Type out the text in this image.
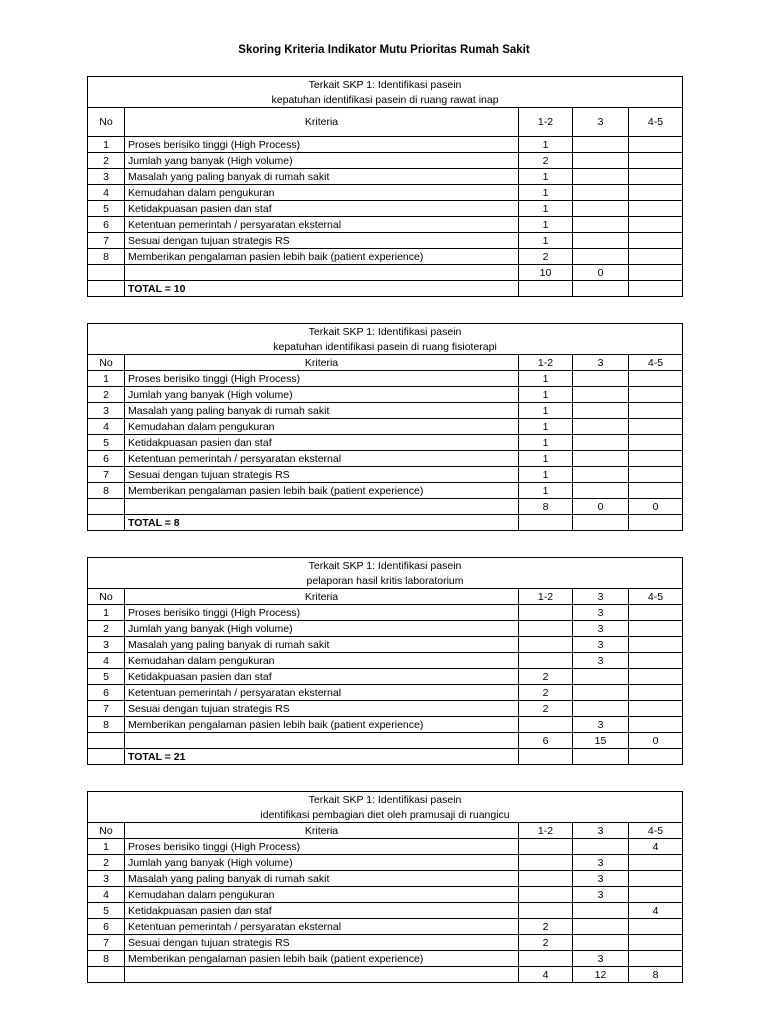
Skoring Kriteria Indikator Mutu Prioritas Rumah Sakit
Terkait SKP 1: Identifikasi pasein				
kepatuhan identifikasi pasein di ruang rawat inap				
No	Kriteria	1-2	3	4-5
1	Proses berisiko tinggi (High Process)	1		
2	Jumlah yang banyak (High volume)	2		
3	Masalah yang paling banyak di rumah sakit	1		
4	Kemudahan dalam pengukuran	1		
5	Ketidakpuasan pasien dan staf	1		
6	Ketentuan pemerintah / persyaratan eksternal	1		
7	Sesuai dengan tujuan strategis RS	1		
8	Memberikan pengalaman pasien lebih baik (patient experience)	2		
		10	0	
	TOTAL = 10			
Terkait SKP 1: Identifikasi pasein				
kepatuhan identifikasi pasein di ruang fisioterapi				
No	Kriteria	1-2	3	4-5
1	Proses berisiko tinggi (High Process)	1		
2	Jumlah yang banyak (High volume)	1		
3	Masalah yang paling banyak di rumah sakit	1		
4	Kemudahan dalam pengukuran	1		
5	Ketidakpuasan pasien dan staf	1		
6	Ketentuan pemerintah / persyaratan eksternal	1		
7	Sesuai dengan tujuan strategis RS	1		
8	Memberikan pengalaman pasien lebih baik (patient experience)	1		
		8	0	0
	TOTAL = 8			
Terkait SKP 1: Identifikasi pasein				
pelaporan hasil kritis laboratorium				
No	Kriteria	1-2	3	4-5
1	Proses berisiko tinggi (High Process)		3	
2	Jumlah yang banyak (High volume)		3	
3	Masalah yang paling banyak di rumah sakit		3	
4	Kemudahan dalam pengukuran		3	
5	Ketidakpuasan pasien dan staf	2		
6	Ketentuan pemerintah / persyaratan eksternal	2		
7	Sesuai dengan tujuan strategis RS	2		
8	Memberikan pengalaman pasien lebih baik (patient experience)		3	
		6	15	0
	TOTAL = 21			
Terkait SKP 1: Identifikasi pasein				
identifikasi pembagian diet oleh pramusaji di ruangicu				
No	Kriteria	1-2	3	4-5
1	Proses berisiko tinggi (High Process)			4
2	Jumlah yang banyak (High volume)		3	
3	Masalah yang paling banyak di rumah sakit		3	
4	Kemudahan dalam pengukuran		3	
5	Ketidakpuasan pasien dan staf			4
6	Ketentuan pemerintah / persyaratan eksternal	2		
7	Sesuai dengan tujuan strategis RS	2		
8	Memberikan pengalaman pasien lebih baik (patient experience)		3	
		4	12	8
